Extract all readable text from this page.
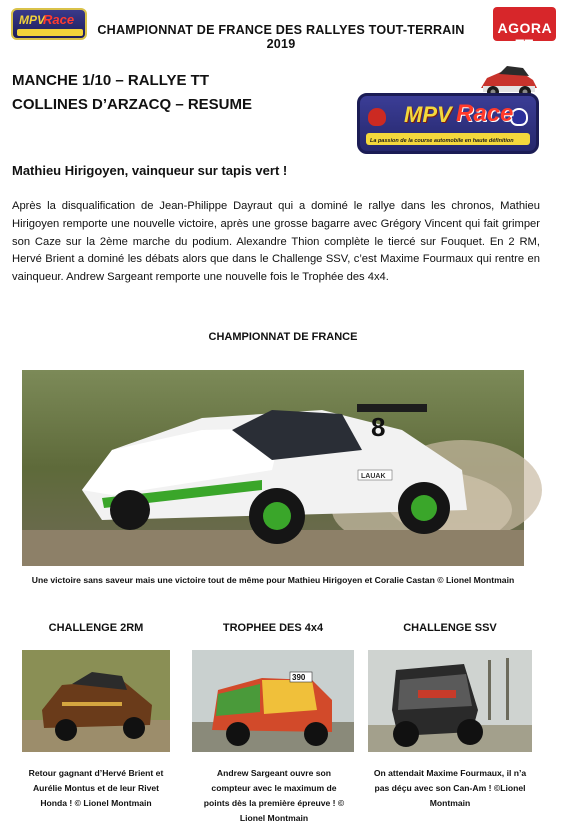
MPV
Race
CHAMPIONNAT DE FRANCE DES RALLYES TOUT-TERRAIN 2019
AGORA TT
MANCHE 1/10 – RALLYE TT
COLLINES D’ARZACQ – RESUME	MPV Race
La passion de la course automobile en haute définition
Mathieu Hirigoyen, vainqueur sur tapis vert !
Après la disqualification de Jean-Philippe Dayraut qui a dominé le rallye dans les chronos, Mathieu Hirigoyen remporte une nouvelle victoire, après une grosse bagarre avec Grégory Vincent qui fait grimper son Caze sur la 2ème marche du podium. Alexandre Thion complète le tiercé sur Fouquet. En 2 RM, Hervé Brient a dominé les débats alors que dans le Challenge SSV, c’est Maxime Fourmaux qui rentre en vainqueur. Andrew Sargeant remporte une nouvelle fois le Trophée des 4x4.
CHAMPIONNAT DE FRANCE
8
LAUAK
Une victoire sans saveur mais une victoire tout de même pour Mathieu Hirigoyen et Coralie Castan © Lionel Montmain
CHALLENGE 2RM	TROPHEE DES 4x4	CHALLENGE SSV
390
Retour gagnant d’Hervé Brient et Aurélie Montus et de leur Rivet Honda ! © Lionel Montmain
Andrew Sargeant ouvre son compteur avec le maximum de points dès la première épreuve ! © Lionel Montmain
On attendait Maxime Fourmaux, il n’a pas déçu avec son Can-Am ! ©Lionel Montmain
